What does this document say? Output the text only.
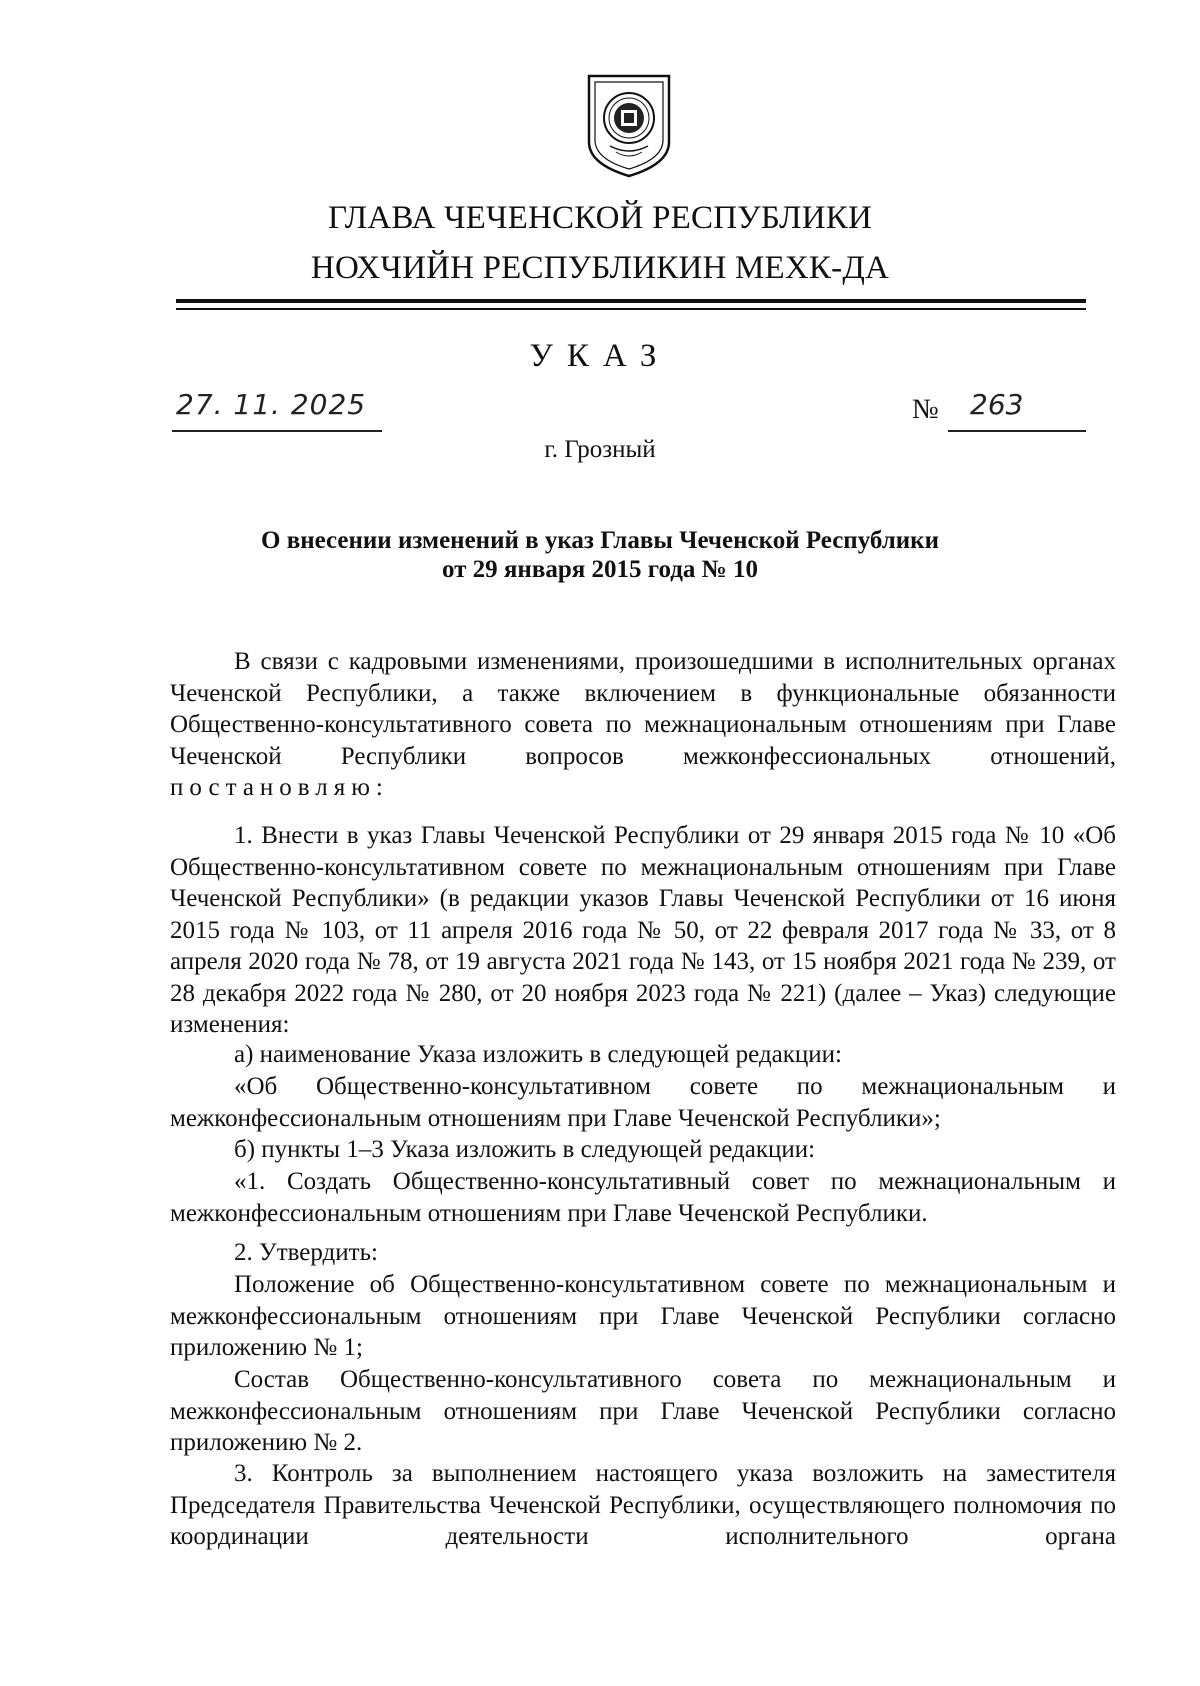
ГЛАВА ЧЕЧЕНСКОЙ РЕСПУБЛИКИ
НОХЧИЙН РЕСПУБЛИКИН МЕХК-ДА
УКАЗ
27. 11. 2025	№ 263
г. Грозный
О внесении изменений в указ Главы Чеченской Республики
от 29 января 2015 года № 10
В связи с кадровыми изменениями, произошедшими в исполнительных органах Чеченской Республики, а также включением в функциональные обязанности Общественно-консультативного совета по межнациональным отношениям при Главе Чеченской Республики вопросов межконфессиональных отношений, постановляю:
1. Внести в указ Главы Чеченской Республики от 29 января 2015 года № 10 «Об Общественно-консультативном совете по межнациональным отношениям при Главе Чеченской Республики» (в редакции указов Главы Чеченской Республики от 16 июня 2015 года № 103, от 11 апреля 2016 года № 50, от 22 февраля 2017 года № 33, от 8 апреля 2020 года № 78, от 19 августа 2021 года № 143, от 15 ноября 2021 года № 239, от 28 декабря 2022 года № 280, от 20 ноября 2023 года № 221) (далее – Указ) следующие изменения:
а) наименование Указа изложить в следующей редакции:
«Об Общественно-консультативном совете по межнациональным и межконфессиональным отношениям при Главе Чеченской Республики»;
б) пункты 1–3 Указа изложить в следующей редакции:
«1. Создать Общественно-консультативный совет по межнациональным и межконфессиональным отношениям при Главе Чеченской Республики.
2. Утвердить:
Положение об Общественно-консультативном совете по межнациональным и межконфессиональным отношениям при Главе Чеченской Республики согласно приложению № 1;
Состав Общественно-консультативного совета по межнациональным и межконфессиональным отношениям при Главе Чеченской Республики согласно приложению № 2.
3. Контроль за выполнением настоящего указа возложить на заместителя Председателя Правительства Чеченской Республики, осуществляющего полномочия по координации деятельности исполнительного органа
